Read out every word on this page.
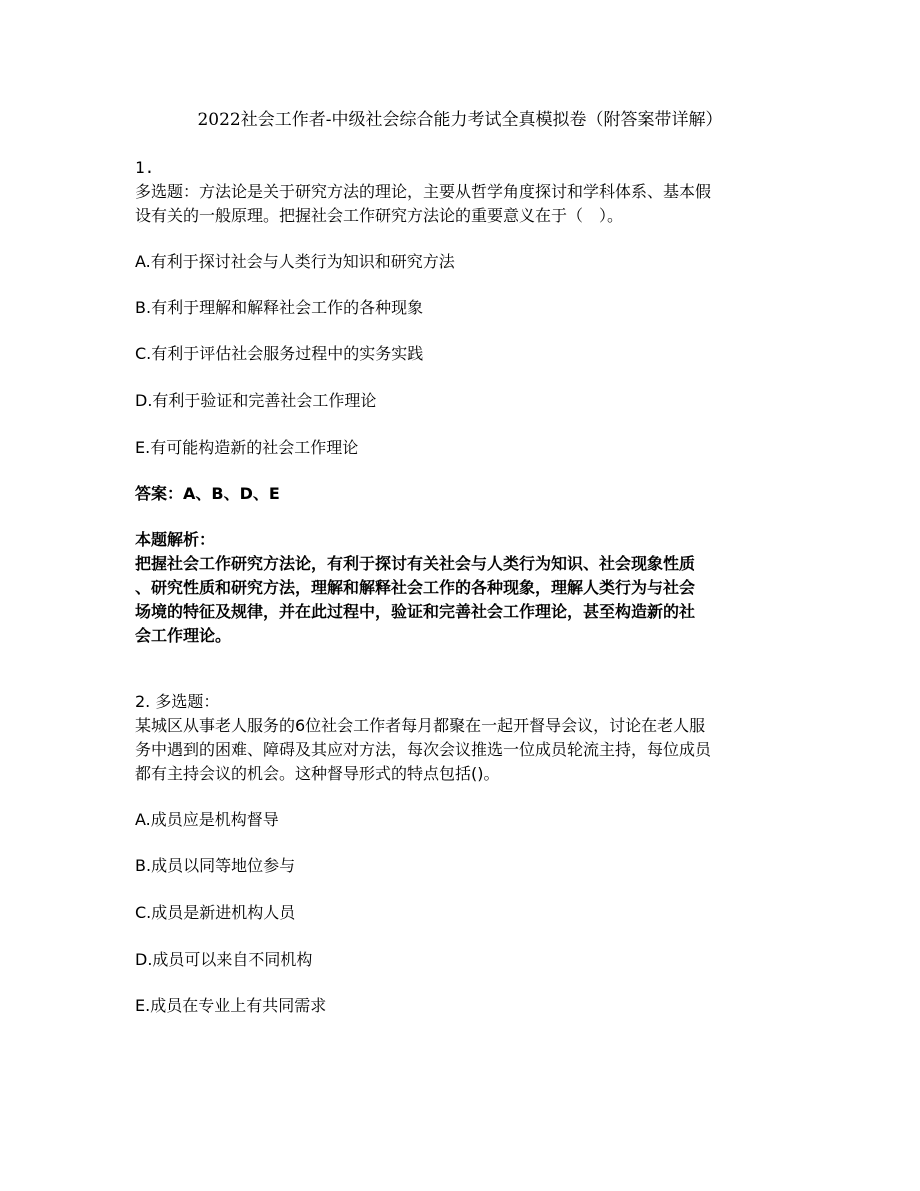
2022社会工作者-中级社会综合能力考试全真模拟卷（附答案带详解）
1.
多选题：方法论是关于研究方法的理论，主要从哲学角度探讨和学科体系、基本假
设有关的一般原理。把握社会工作研究方法论的重要意义在于（　）。
A.有利于探讨社会与人类行为知识和研究方法
B.有利于理解和解释社会工作的各种现象
C.有利于评估社会服务过程中的实务实践
D.有利于验证和完善社会工作理论
E.有可能构造新的社会工作理论
答案：A、B、D、E
本题解析：
把握社会工作研究方法论，有利于探讨有关社会与人类行为知识、社会现象性质
、研究性质和研究方法，理解和解释社会工作的各种现象，理解人类行为与社会
场境的特征及规律，并在此过程中，验证和完善社会工作理论，甚至构造新的社
会工作理论。
2. 多选题：
某城区从事老人服务的6位社会工作者每月都聚在一起开督导会议，讨论在老人服
务中遇到的困难、障碍及其应对方法，每次会议推选一位成员轮流主持，每位成员
都有主持会议的机会。这种督导形式的特点包括()。
A.成员应是机构督导
B.成员以同等地位参与
C.成员是新进机构人员
D.成员可以来自不同机构
E.成员在专业上有共同需求
